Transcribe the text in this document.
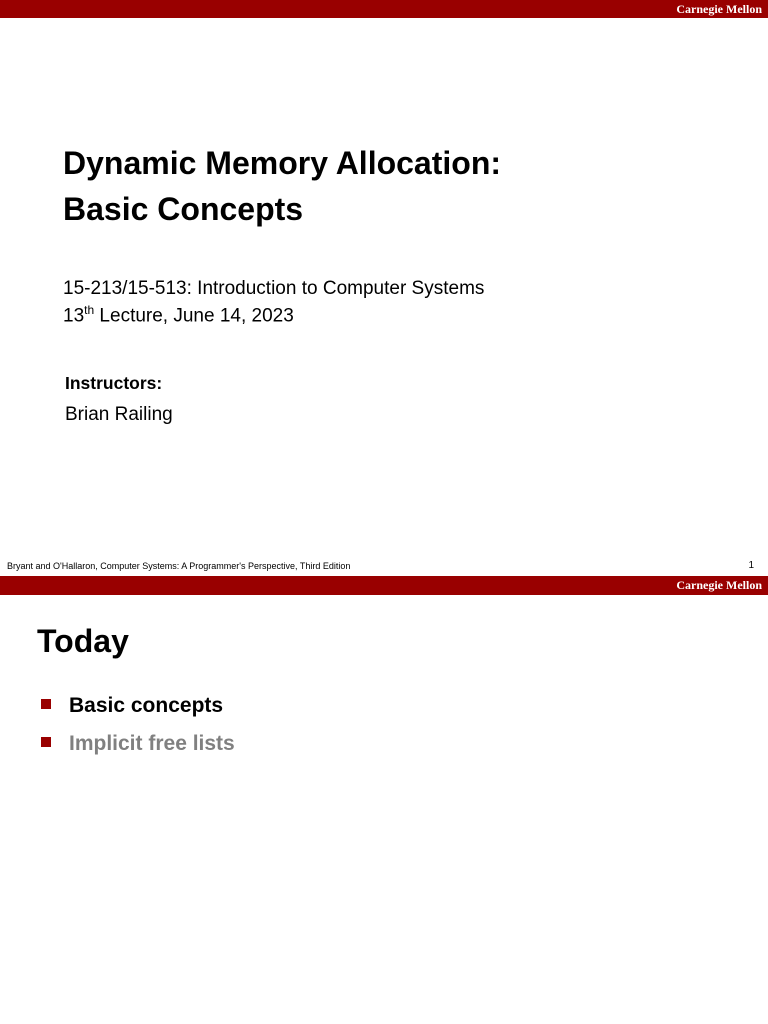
Carnegie Mellon
Dynamic Memory Allocation:
Basic Concepts
15-213/15-513: Introduction to Computer Systems
13th Lecture, June 14, 2023
Instructors:
Brian Railing
Bryant and O'Hallaron, Computer Systems: A Programmer's Perspective, Third Edition	1
Carnegie Mellon
Today
Basic concepts
Implicit free lists
